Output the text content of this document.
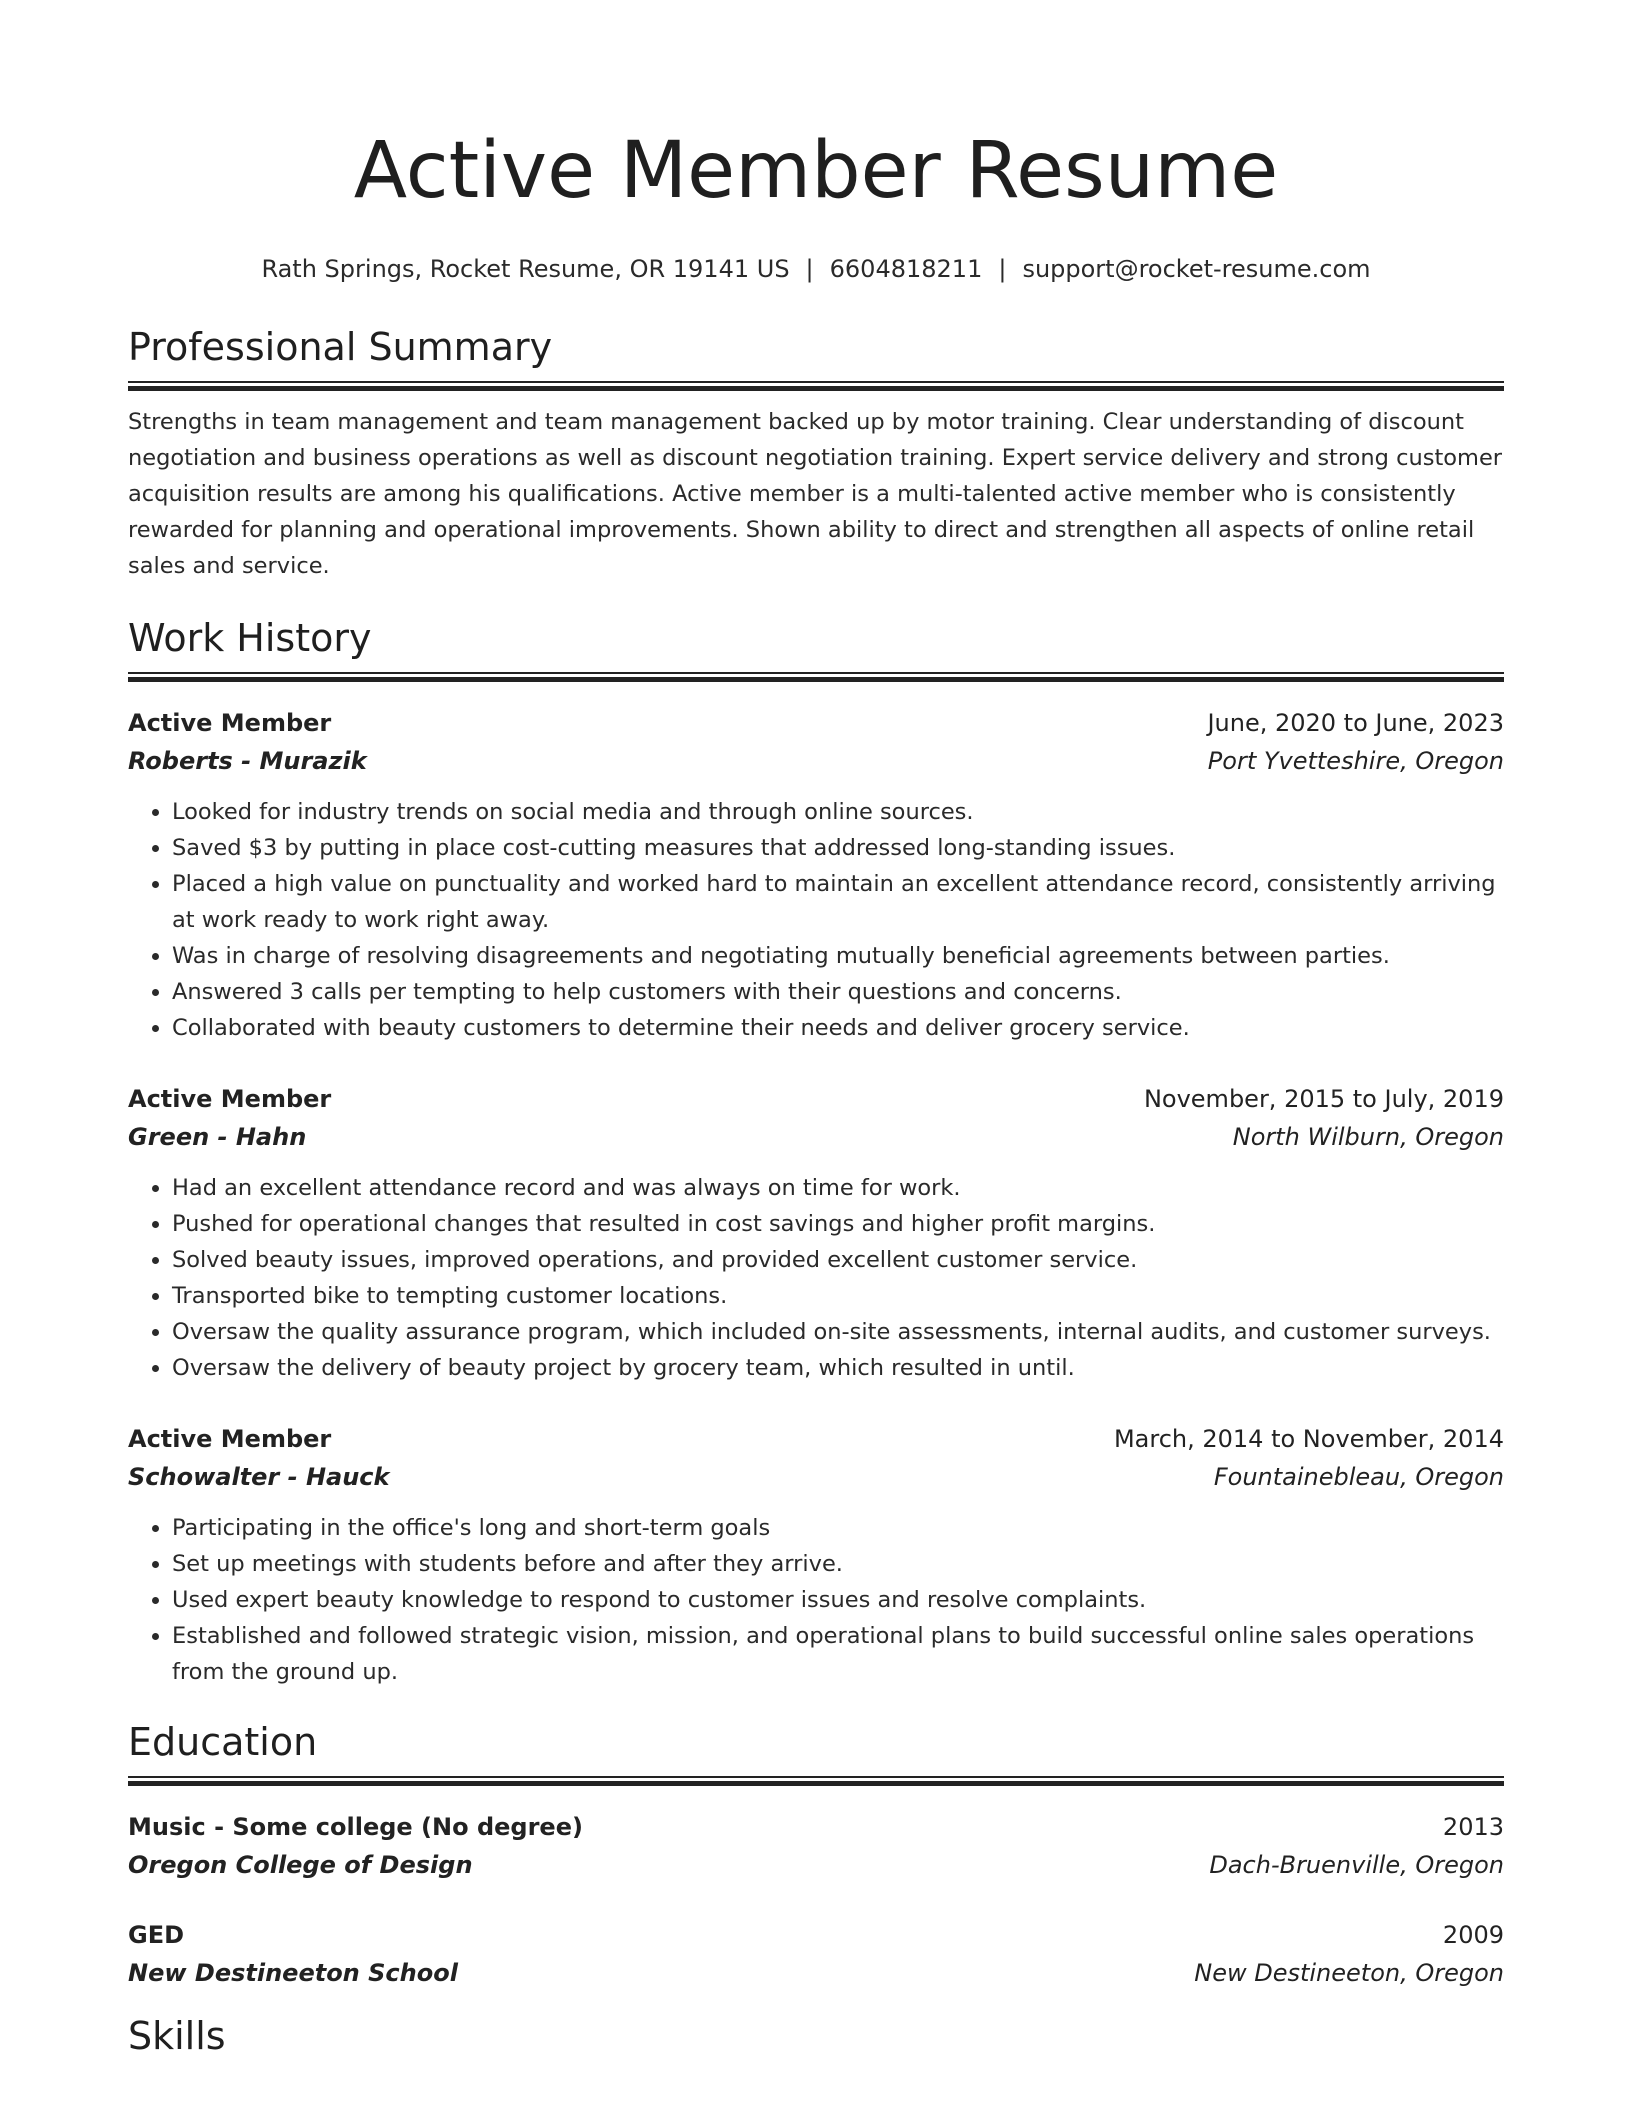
Active Member Resume
Rath Springs, Rocket Resume, OR 19141 US | 6604818211 | support@rocket-resume.com
Professional Summary
Strengths in team management and team management backed up by motor training. Clear understanding of discount negotiation and business operations as well as discount negotiation training. Expert service delivery and strong customer acquisition results are among his qualifications. Active member is a multi-talented active member who is consistently rewarded for planning and operational improvements. Shown ability to direct and strengthen all aspects of online retail sales and service.
Work History
Active Member	June, 2020 to June, 2023
Roberts - Murazik	Port Yvetteshire, Oregon
• Looked for industry trends on social media and through online sources.
• Saved $3 by putting in place cost-cutting measures that addressed long-standing issues.
• Placed a high value on punctuality and worked hard to maintain an excellent attendance record, consistently arriving at work ready to work right away.
• Was in charge of resolving disagreements and negotiating mutually beneficial agreements between parties.
• Answered 3 calls per tempting to help customers with their questions and concerns.
• Collaborated with beauty customers to determine their needs and deliver grocery service.
Active Member	November, 2015 to July, 2019
Green - Hahn	North Wilburn, Oregon
• Had an excellent attendance record and was always on time for work.
• Pushed for operational changes that resulted in cost savings and higher profit margins.
• Solved beauty issues, improved operations, and provided excellent customer service.
• Transported bike to tempting customer locations.
• Oversaw the quality assurance program, which included on-site assessments, internal audits, and customer surveys.
• Oversaw the delivery of beauty project by grocery team, which resulted in until.
Active Member	March, 2014 to November, 2014
Schowalter - Hauck	Fountainebleau, Oregon
• Participating in the office's long and short-term goals
• Set up meetings with students before and after they arrive.
• Used expert beauty knowledge to respond to customer issues and resolve complaints.
• Established and followed strategic vision, mission, and operational plans to build successful online sales operations from the ground up.
Education
Music - Some college (No degree)	2013
Oregon College of Design	Dach-Bruenville, Oregon
GED	2009
New Destineeton School	New Destineeton, Oregon
Skills
